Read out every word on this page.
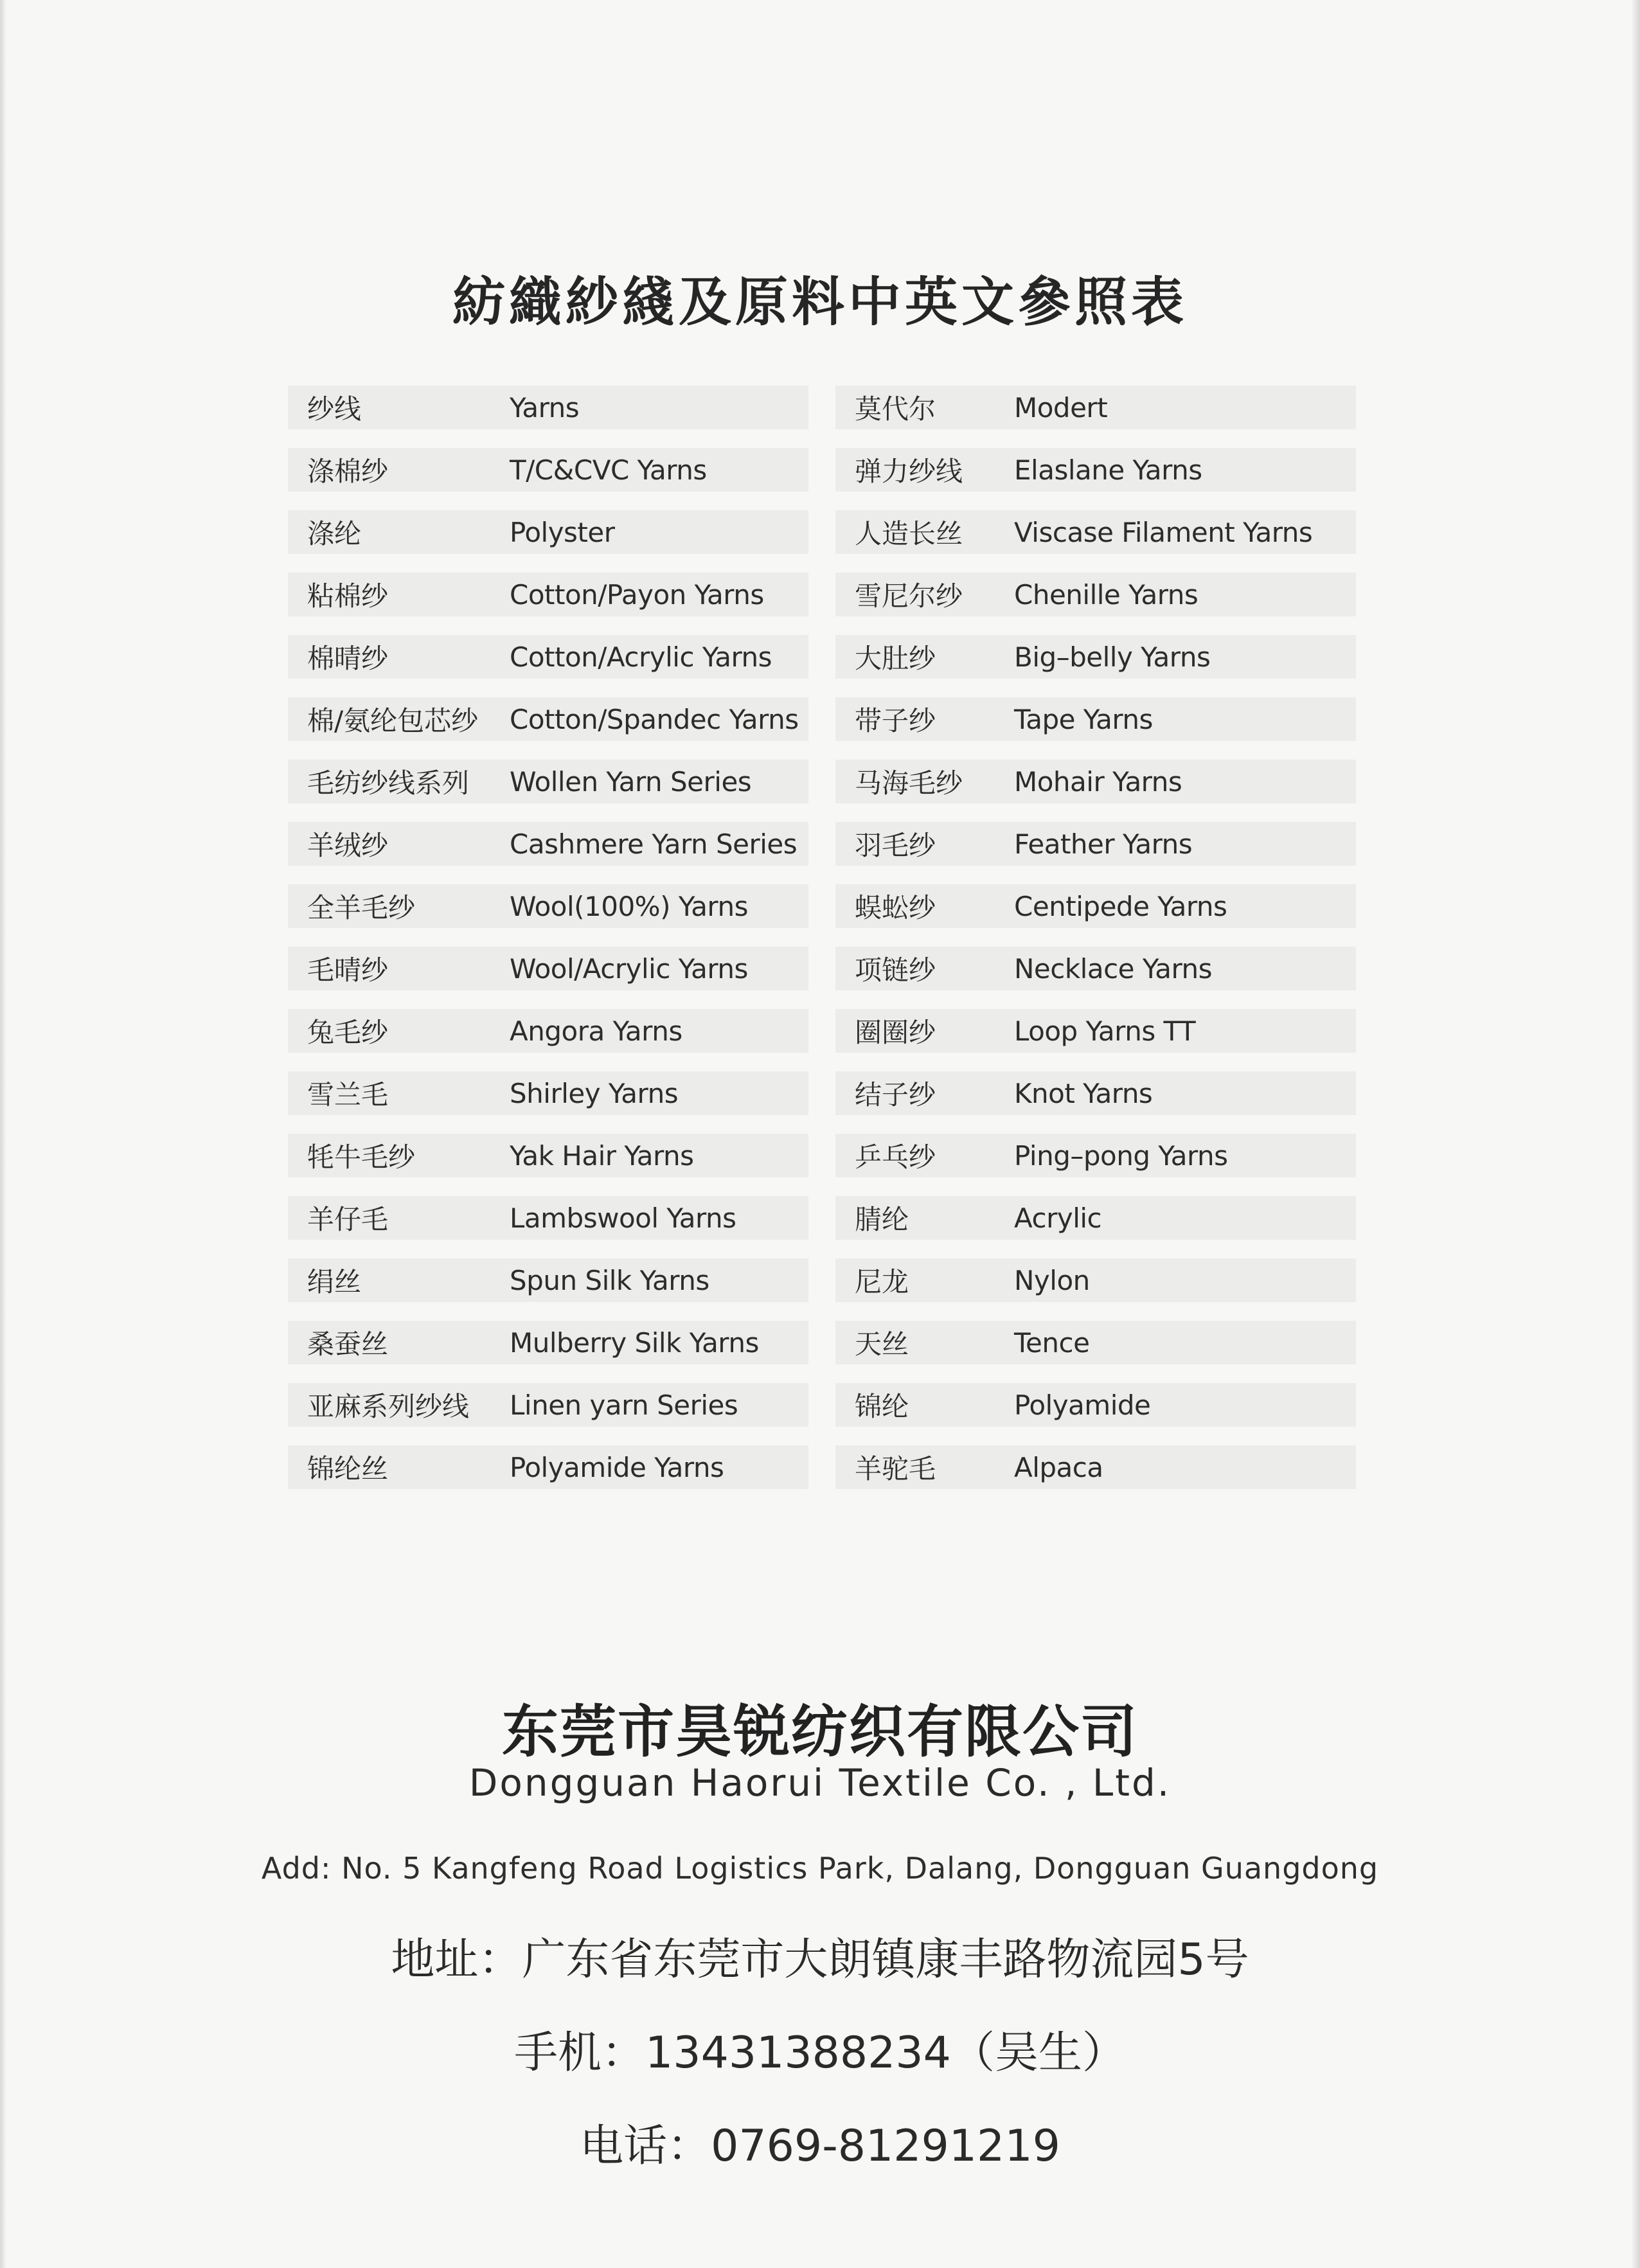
紡織紗綫及原料中英文參照表
纱线	Yarns
涤棉纱	T/C&CVC Yarns
涤纶	Polyster
粘棉纱	Cotton/Payon Yarns
棉晴纱	Cotton/Acrylic Yarns
棉/氨纶包芯纱 Cotton/Spandec Yarns
毛纺纱线系列 Wollen Yarn Series
羊绒纱	Cashmere Yarn Series
全羊毛纱	Wool(100%) Yarns
毛晴纱	Wool/Acrylic Yarns
兔毛纱	Angora Yarns
雪兰毛	Shirley Yarns
牦牛毛纱	Yak Hair Yarns
羊仔毛	Lambswool Yarns
绢丝	Spun Silk Yarns
桑蚕丝	Mulberry Silk Yarns
亚麻系列纱线 Linen yarn Series
锦纶丝	Polyamide Yarns
莫代尔	Modert
弹力纱线 Elaslane Yarns
人造长丝 Viscase Filament Yarns
雪尼尔纱 Chenille Yarns
大肚纱	Big–belly Yarns
带子纱	Tape Yarns
马海毛纱 Mohair Yarns
羽毛纱	Feather Yarns
蜈蚣纱	Centipede Yarns
项链纱	Necklace Yarns
圈圈纱	Loop Yarns TT
结子纱	Knot Yarns
乒乓纱	Ping–pong Yarns
腈纶	Acrylic
尼龙	Nylon
天丝	Tence
锦纶	Polyamide
羊驼毛	Alpaca
东莞市昊锐纺织有限公司
Dongguan Haorui Textile Co. , Ltd.
Add: No. 5 Kangfeng Road Logistics Park, Dalang, Dongguan Guangdong
地址：广东省东莞市大朗镇康丰路物流园5号
手机：13431388234（吴生）
电话：0769-81291219
